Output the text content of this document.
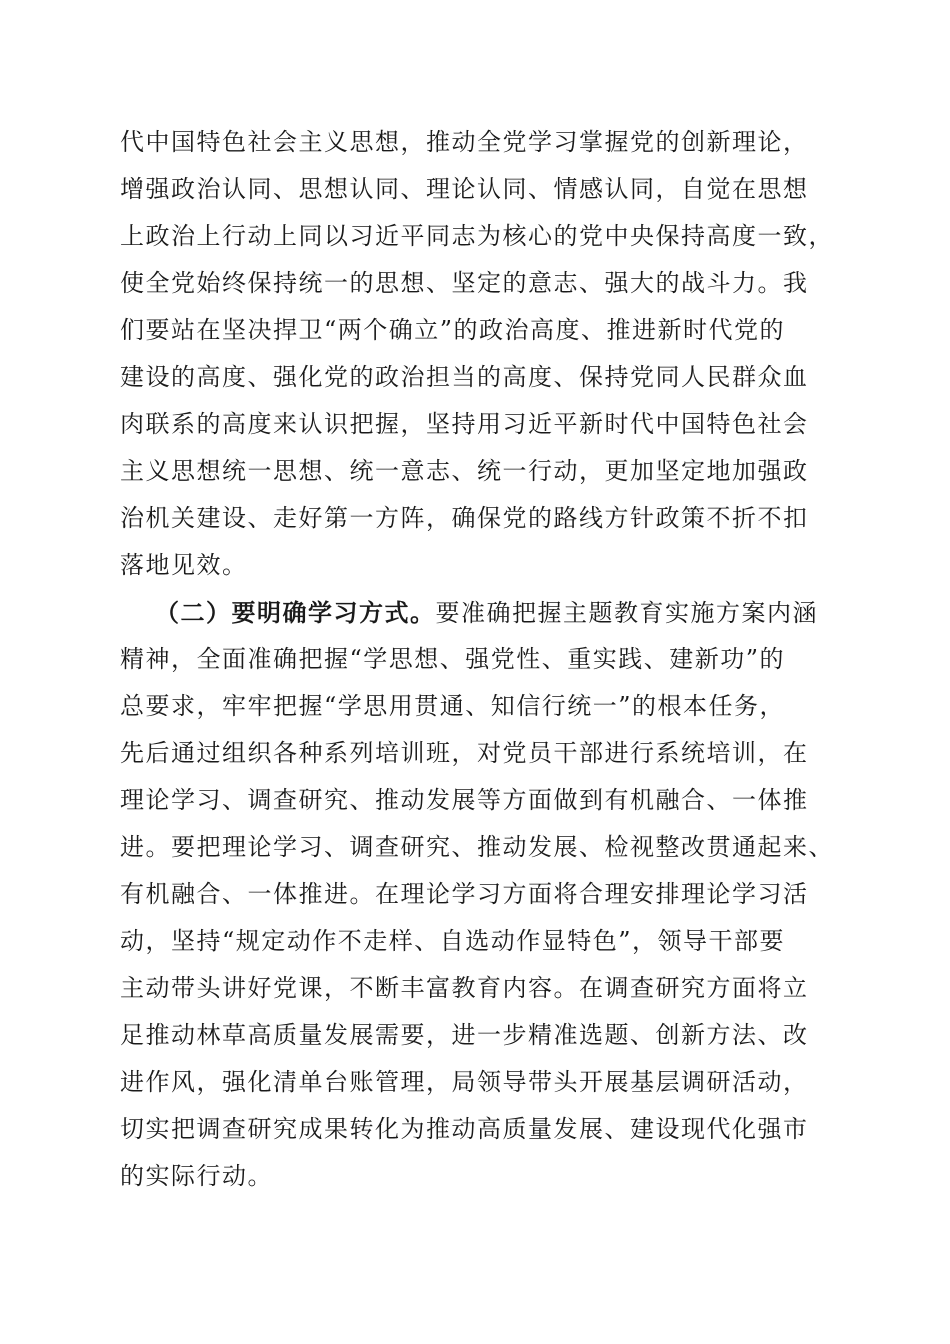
代中国特色社会主义思想，推动全党学习掌握党的创新理论，
增强政治认同、思想认同、理论认同、情感认同，自觉在思想
上政治上行动上同以习近平同志为核心的党中央保持高度一致，
使全党始终保持统一的思想、坚定的意志、强大的战斗力。我
们要站在坚决捍卫“两个确立”的政治高度、推进新时代党的
建设的高度、强化党的政治担当的高度、保持党同人民群众血
肉联系的高度来认识把握，坚持用习近平新时代中国特色社会
主义思想统一思想、统一意志、统一行动，更加坚定地加强政
治机关建设、走好第一方阵，确保党的路线方针政策不折不扣
落地见效。
（二）要明确学习方式。要准确把握主题教育实施方案内涵
精神，全面准确把握“学思想、强党性、重实践、建新功”的
总要求，牢牢把握“学思用贯通、知信行统一”的根本任务，
先后通过组织各种系列培训班，对党员干部进行系统培训，在
理论学习、调查研究、推动发展等方面做到有机融合、一体推
进。要把理论学习、调查研究、推动发展、检视整改贯通起来、
有机融合、一体推进。在理论学习方面将合理安排理论学习活
动，坚持“规定动作不走样、自选动作显特色”，领导干部要
主动带头讲好党课，不断丰富教育内容。在调查研究方面将立
足推动林草高质量发展需要，进一步精准选题、创新方法、改
进作风，强化清单台账管理，局领导带头开展基层调研活动，
切实把调查研究成果转化为推动高质量发展、建设现代化强市
的实际行动。
